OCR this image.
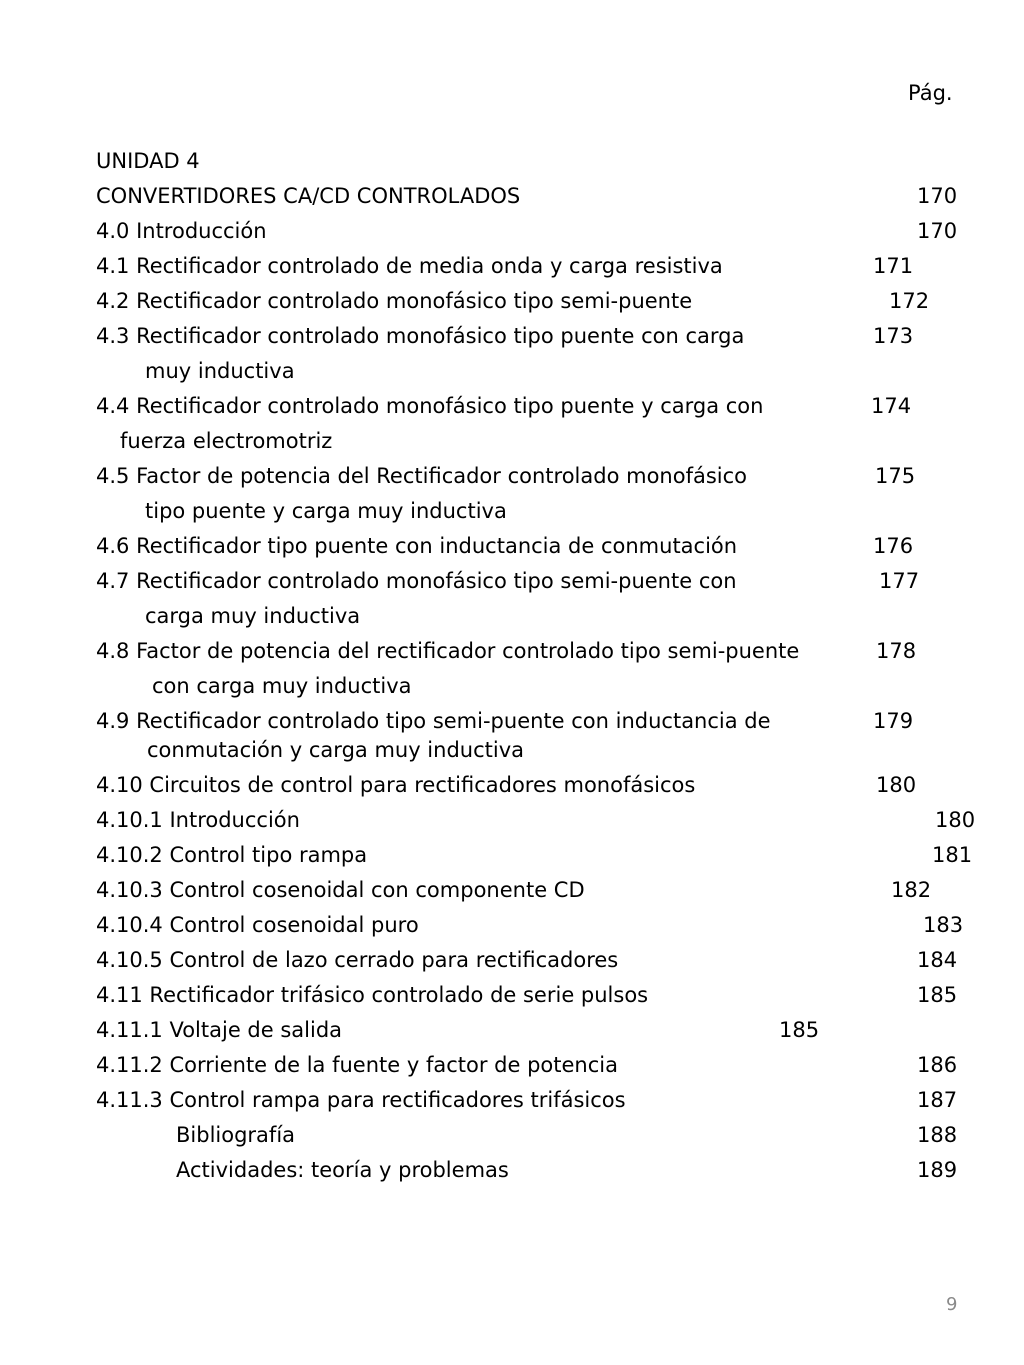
Pág.
UNIDAD 4
CONVERTIDORES CA/CD CONTROLADOS	170
4.0 Introducción	170
4.1 Rectificador controlado de media onda y carga resistiva	171
4.2 Rectificador controlado monofásico tipo semi-puente	172
4.3 Rectificador controlado monofásico tipo puente con carga	173
muy inductiva
4.4 Rectificador controlado monofásico tipo puente y carga con	174
fuerza electromotriz
4.5 Factor de potencia del Rectificador controlado monofásico	175
tipo puente y carga muy inductiva
4.6 Rectificador tipo puente con inductancia de conmutación	176
4.7 Rectificador controlado monofásico tipo semi-puente con	177
carga muy inductiva
4.8 Factor de potencia del rectificador controlado tipo semi-puente	178
con carga muy inductiva
4.9 Rectificador controlado tipo semi-puente con inductancia de	179
conmutación y carga muy inductiva
4.10 Circuitos de control para rectificadores monofásicos	180
4.10.1 Introducción	180
4.10.2 Control tipo rampa	181
4.10.3 Control cosenoidal con componente CD	182
4.10.4 Control cosenoidal puro	183
4.10.5 Control de lazo cerrado para rectificadores	184
4.11 Rectificador trifásico controlado de serie pulsos	185
4.11.1 Voltaje de salida	185
4.11.2 Corriente de la fuente y factor de potencia	186
4.11.3 Control rampa para rectificadores trifásicos	187
Bibliografía	188
Actividades: teoría y problemas	189
9
